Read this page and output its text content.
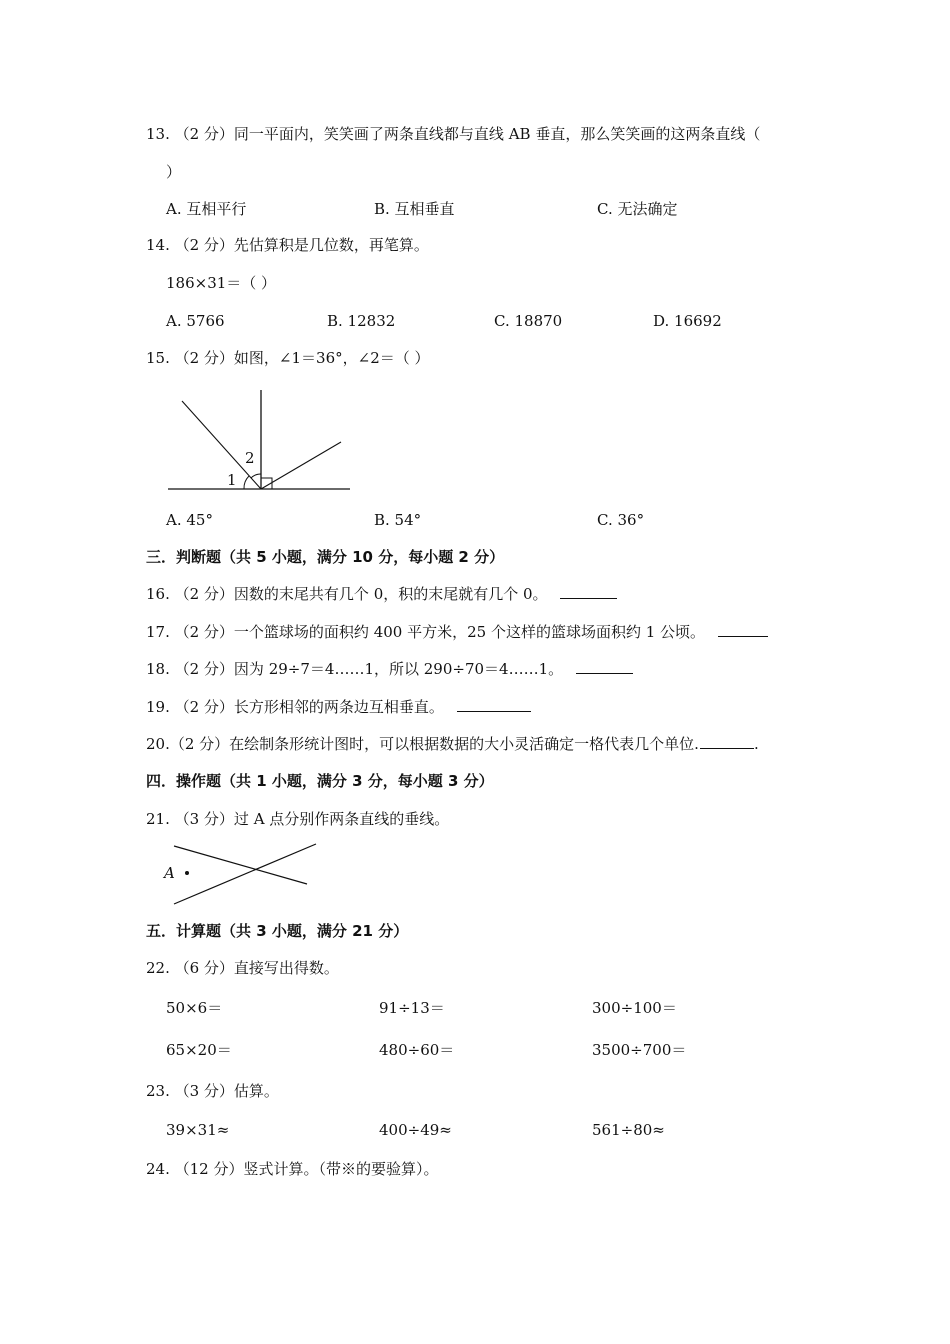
13. （2 分）同一平面内，笑笑画了两条直线都与直线 AB 垂直，那么笑笑画的这两条直线（
）
A. 互相平行	B. 互相垂直	C. 无法确定
14. （2 分）先估算积是几位数，再笔算。
186×31＝（ ）
A. 5766	B. 12832	C. 18870	D. 16692
15. （2 分）如图，∠1＝36°，∠2＝（ ）
1
2
A. 45°	B. 54°	C. 36°
三．判断题（共 5 小题，满分 10 分，每小题 2 分）
16. （2 分）因数的末尾共有几个 0，积的末尾就有几个 0。
17. （2 分）一个篮球场的面积约 400 平方米，25 个这样的篮球场面积约 1 公顷。
18. （2 分）因为 29÷7＝4……1，所以 290÷70＝4……1。
19. （2 分）长方形相邻的两条边互相垂直。
20.（2 分）在绘制条形统计图时，可以根据数据的大小灵活确定一格代表几个单位.	.
四．操作题（共 1 小题，满分 3 分，每小题 3 分）
21. （3 分）过 A 点分别作两条直线的垂线。
A
五．计算题（共 3 小题，满分 21 分）
22. （6 分）直接写出得数。
50×6＝	91÷13＝	300÷100＝
65×20＝	480÷60＝	3500÷700＝
23. （3 分）估算。
39×31≈	400÷49≈	561÷80≈
24. （12 分）竖式计算。（带※的要验算）。
